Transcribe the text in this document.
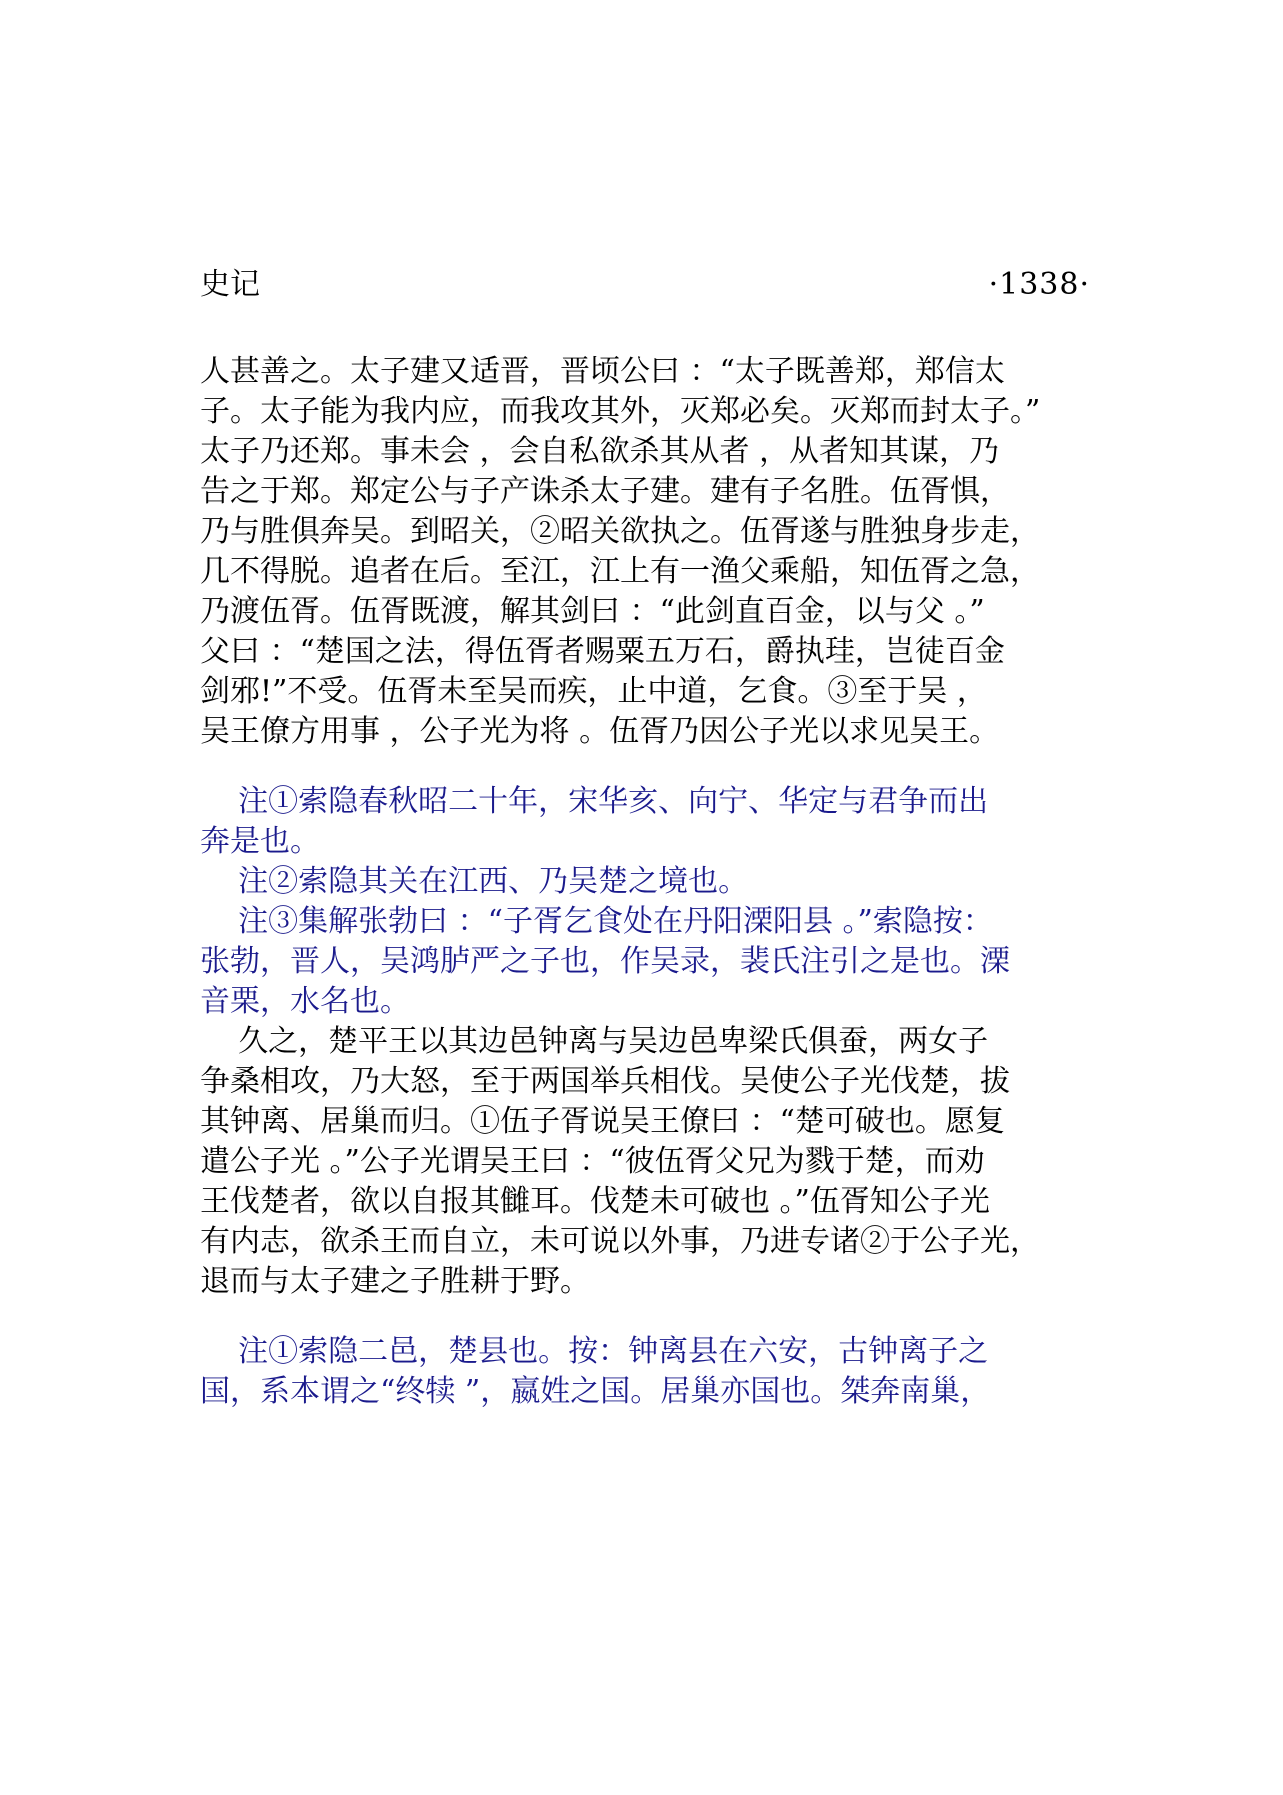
史记	·1338·
人甚善之。太子建又适晋，晋顷公曰 ：“太子既善郑，郑信太
子。太子能为我内应，而我攻其外，灭郑必矣。灭郑而封太子。”
太子乃还郑。事未会 ，会自私欲杀其从者 ，从者知其谋，乃
告之于郑。郑定公与子产诛杀太子建。建有子名胜。伍胥惧，
乃与胜俱奔吴。到昭关，②昭关欲执之。伍胥遂与胜独身步走，
几不得脱。追者在后。至江，江上有一渔父乘船，知伍胥之急，
乃渡伍胥。伍胥既渡，解其剑曰 ：“此剑直百金，以与父 。”
父曰 ：“楚国之法，得伍胥者赐粟五万石，爵执珪，岂徒百金
剑邪!”不受。伍胥未至吴而疾，止中道，乞食。③至于吴 ，
吴王僚方用事 ，公子光为将 。伍胥乃因公子光以求见吴王。
注①索隐春秋昭二十年，宋华亥、向宁、华定与君争而出
奔是也。
注②索隐其关在江西、乃吴楚之境也。
注③集解张勃曰 ：“子胥乞食处在丹阳溧阳县 。”索隐按：
张勃，晋人，吴鸿胪严之子也，作吴录，裴氏注引之是也。溧
音栗，水名也。
久之，楚平王以其边邑钟离与吴边邑卑梁氏俱蚕，两女子
争桑相攻，乃大怒，至于两国举兵相伐。吴使公子光伐楚，拔
其钟离、居巢而归。①伍子胥说吴王僚曰 ：“楚可破也。愿复
遣公子光 。”公子光谓吴王曰 ：“彼伍胥父兄为戮于楚，而劝
王伐楚者，欲以自报其雠耳。伐楚未可破也 。”伍胥知公子光
有内志，欲杀王而自立，未可说以外事，乃进专诸②于公子光，
退而与太子建之子胜耕于野。
注①索隐二邑，楚县也。按：钟离县在六安，古钟离子之
国，系本谓之“终犊 ”，嬴姓之国。居巢亦国也。桀奔南巢，
